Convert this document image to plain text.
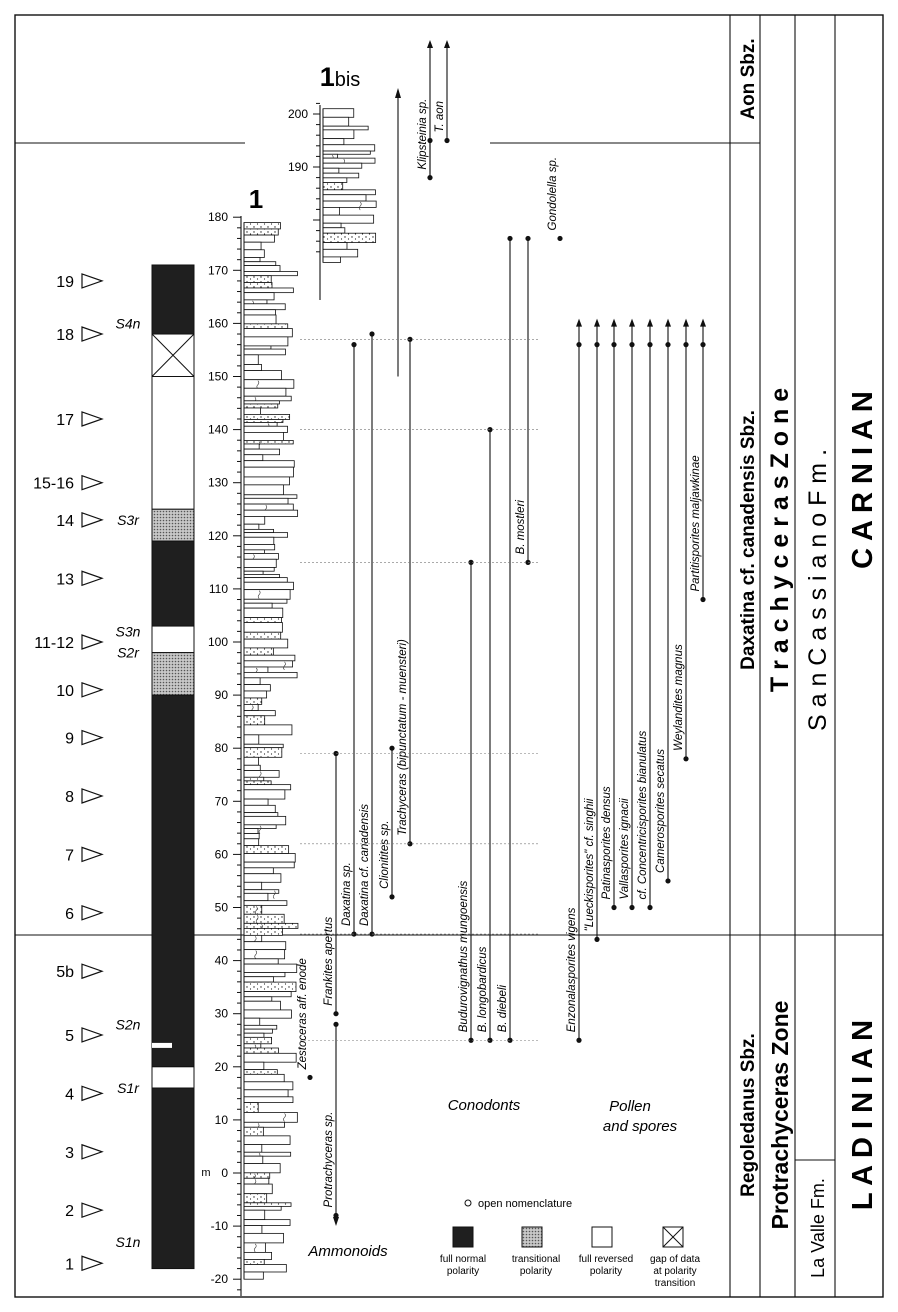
Aon Sbz.
Daxatina cf. canadensis Sbz.
Regoledanus Sbz.
T r a c h y c e r a s Z o n e
Protrachyceras Zone
S a n C a s s i a n o F m .
La Valle Fm.
C A R N I A N
L A D I N I A N
19
18
17
15-16
14
13
11-12
10
9
8
7
6
5b
5
4
3
2
1
S4n
S3r
S3n
S2r
S2n
S1r
S1n
180
170
160
150
140
130
120
110
100
90
80
70
60
50
40
30
20
10
0
-10
-20
1
m
1bis
200
190
Zestoceras aff. enode
Protrachyceras sp.
Frankites apertus
Daxatina sp. Daxatina cf. canadensis Clionitites sp.
Trachyceras (bipunctatum - muensteri)
Klipsteinia sp. T. aon
Budurovignathus mungoensis B. longobardicus B. diebeli
B. mostleri
Gondolella sp.
Enzonalasporites vigens
"Lueckisporites" cf. singhii Patinasporites densus Vallasporites ignacii cf. Concentricisporites bianulatus Camerosporites secatus
Weylandites magnus
Partitisporites maljawkinae
Ammonoids
Conodonts	Pollen
and spores
open nomenclature
full normal polarity
transitional polarity
full reversed polarity
gap of data at polarity transition
